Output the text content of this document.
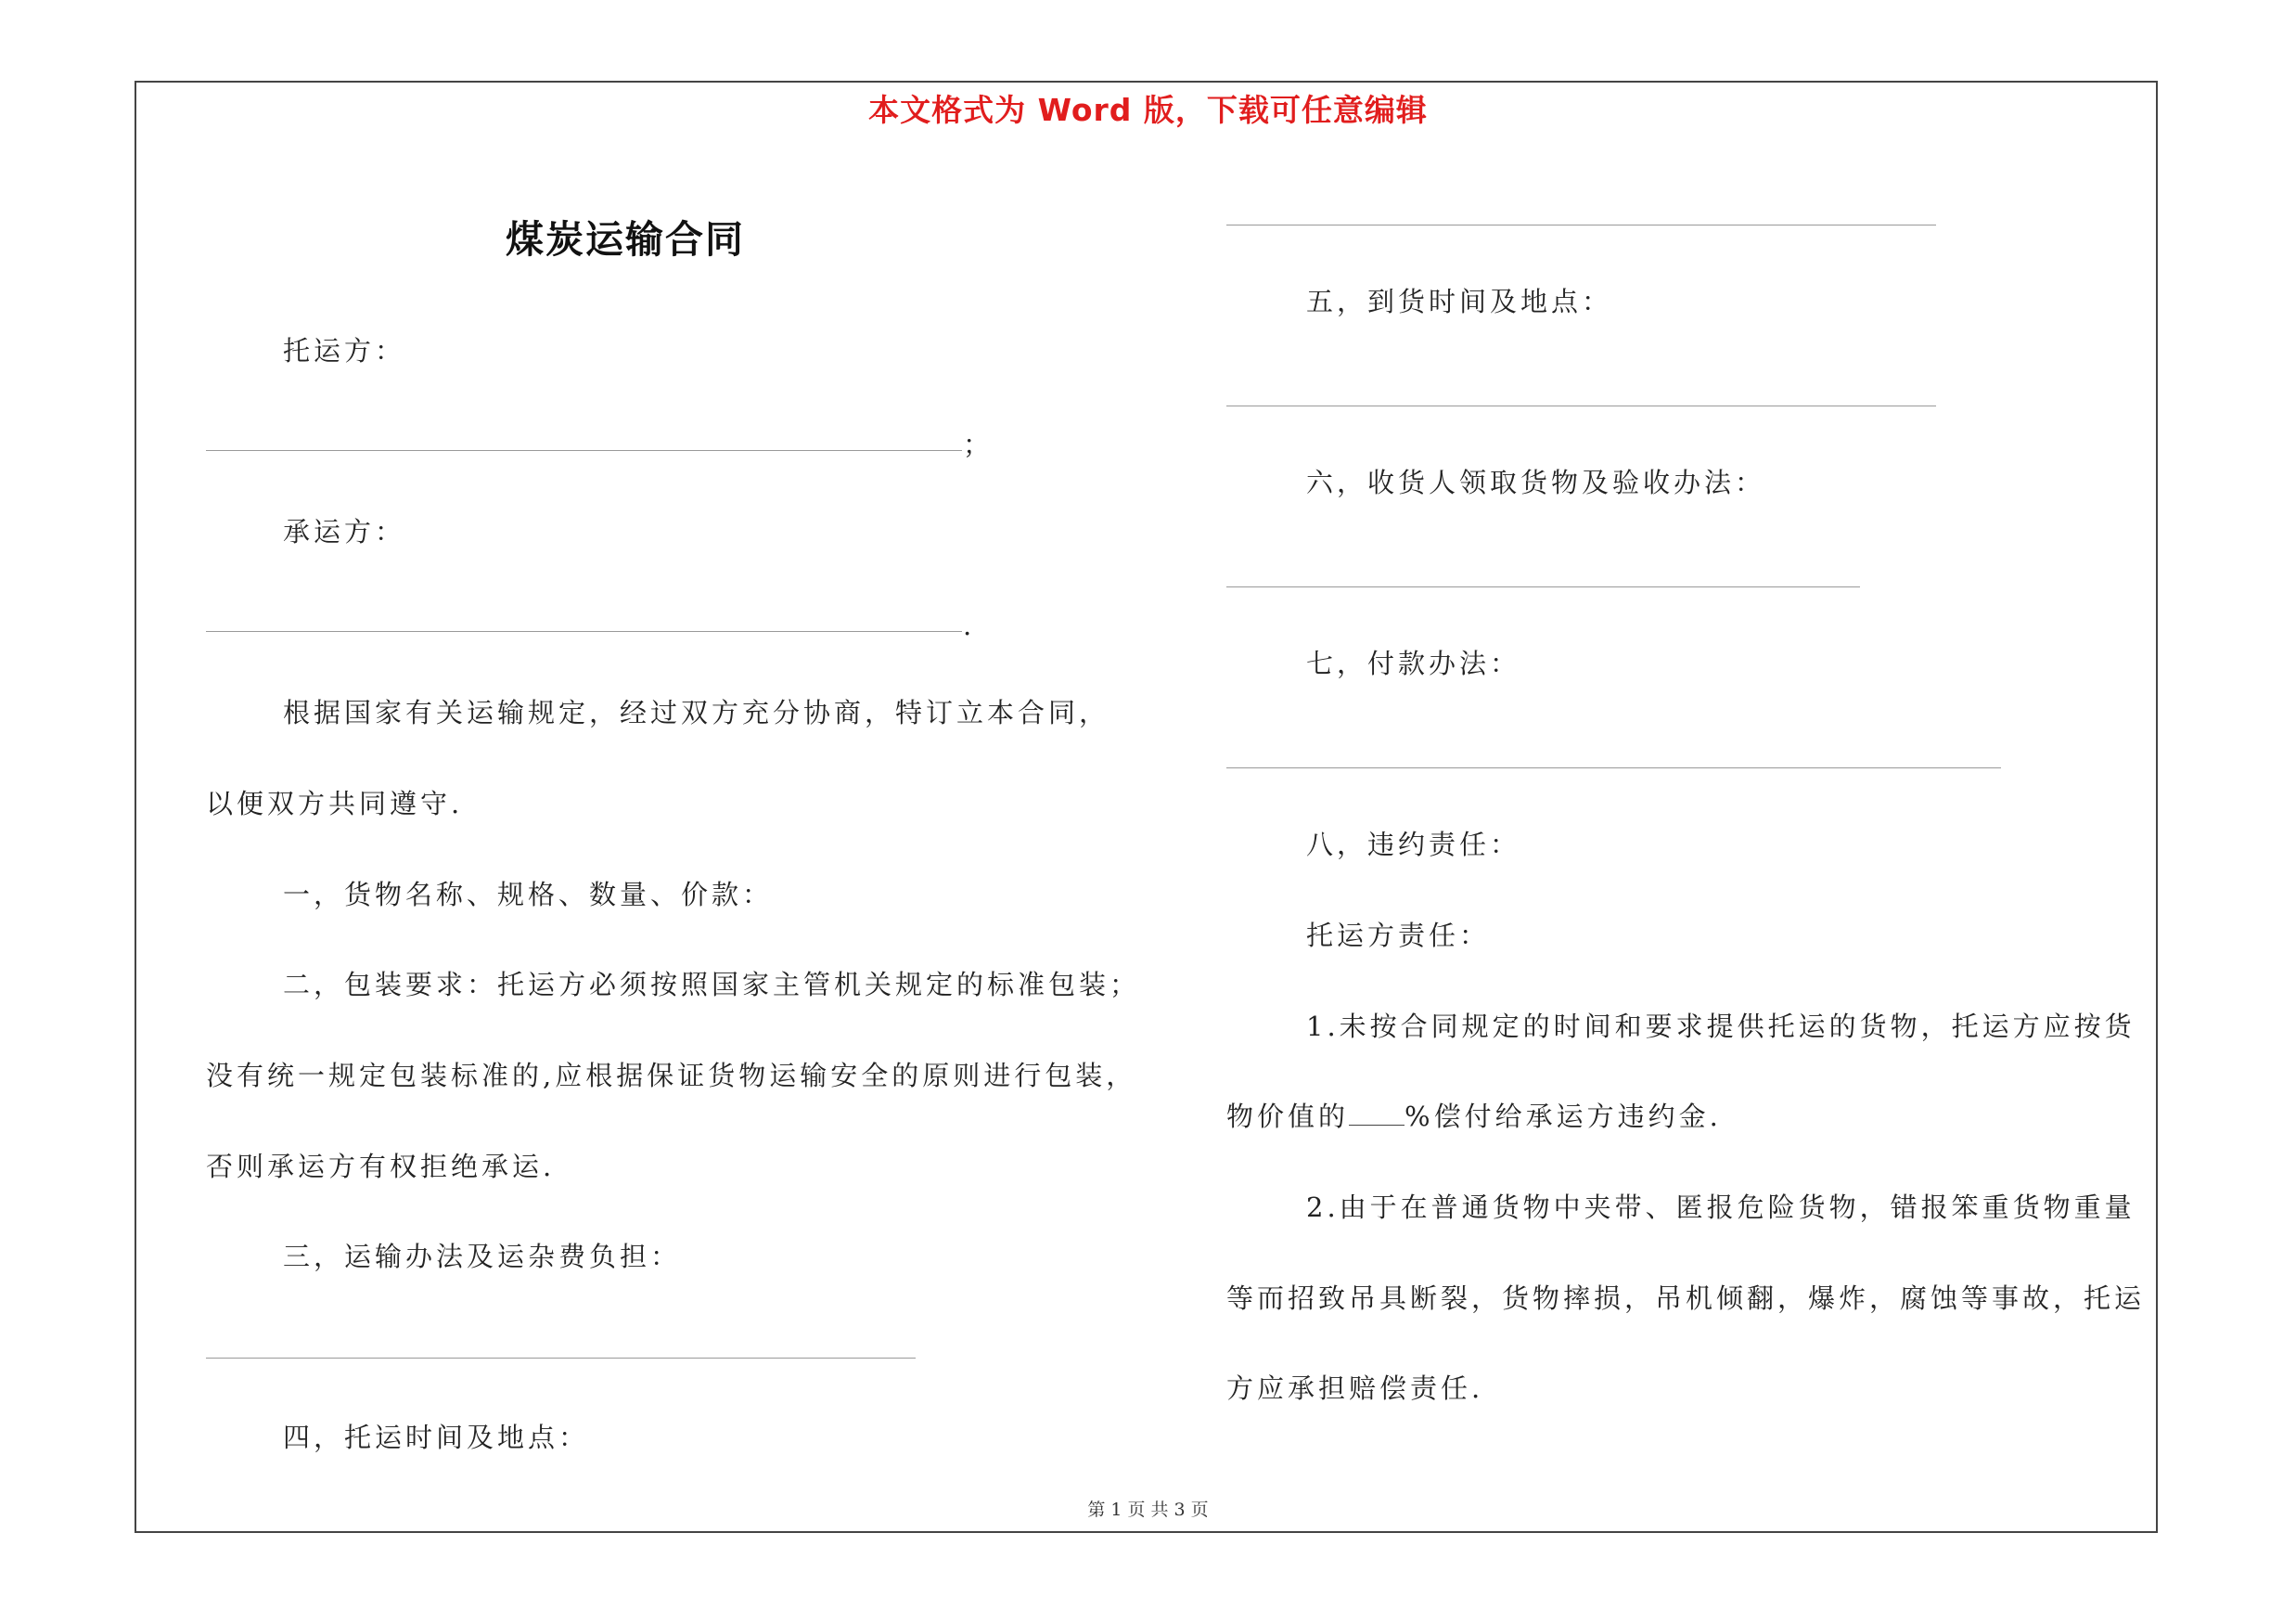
本文格式为 Word 版，下载可任意编辑
煤炭运输合同
托运方：
；
承运方：
.
根据国家有关运输规定，经过双方充分协商，特订立本合同，
以便双方共同遵守.
一，货物名称、规格、数量、价款：
二，包装要求：托运方必须按照国家主管机关规定的标准包装；
没有统一规定包装标准的,应根据保证货物运输安全的原则进行包装，
否则承运方有权拒绝承运.
三，运输办法及运杂费负担：
四，托运时间及地点：
五，到货时间及地点：
六，收货人领取货物及验收办法：
七，付款办法：
八，违约责任：
托运方责任：
1.未按合同规定的时间和要求提供托运的货物，托运方应按货
物价值的 %偿付给承运方违约金.
2.由于在普通货物中夹带、匿报危险货物，错报笨重货物重量
等而招致吊具断裂，货物摔损，吊机倾翻，爆炸，腐蚀等事故，托运
方应承担赔偿责任.
第 1 页 共 3 页
